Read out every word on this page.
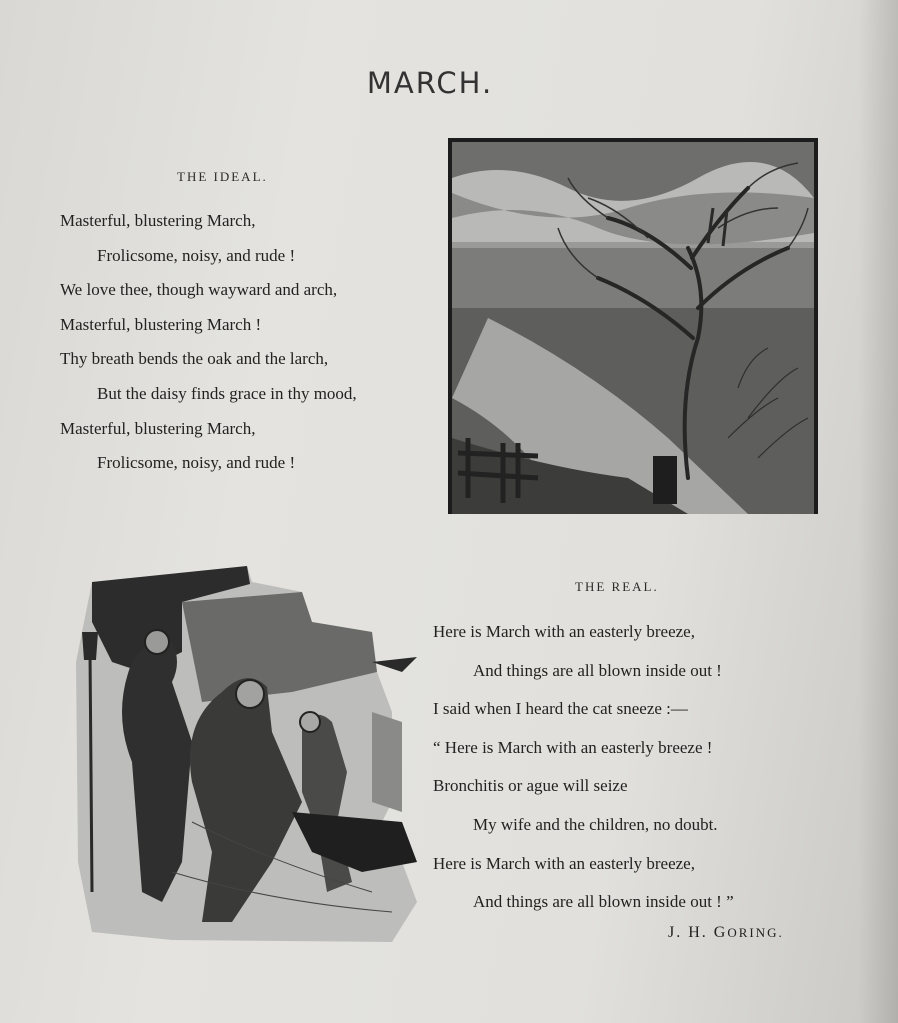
MARCH.
THE IDEAL.
Masterful, blustering March,
Frolicsome, noisy, and rude !
We love thee, though wayward and arch,
Masterful, blustering March !
Thy breath bends the oak and the larch,
But the daisy finds grace in thy mood,
Masterful, blustering March,
Frolicsome, noisy, and rude !
THE REAL.
Here is March with an easterly breeze,
And things are all blown inside out !
I said when I heard the cat sneeze :—
“ Here is March with an easterly breeze !
Bronchitis or ague will seize
My wife and the children, no doubt.
Here is March with an easterly breeze,
And things are all blown inside out ! ”
J. H. GORING.
